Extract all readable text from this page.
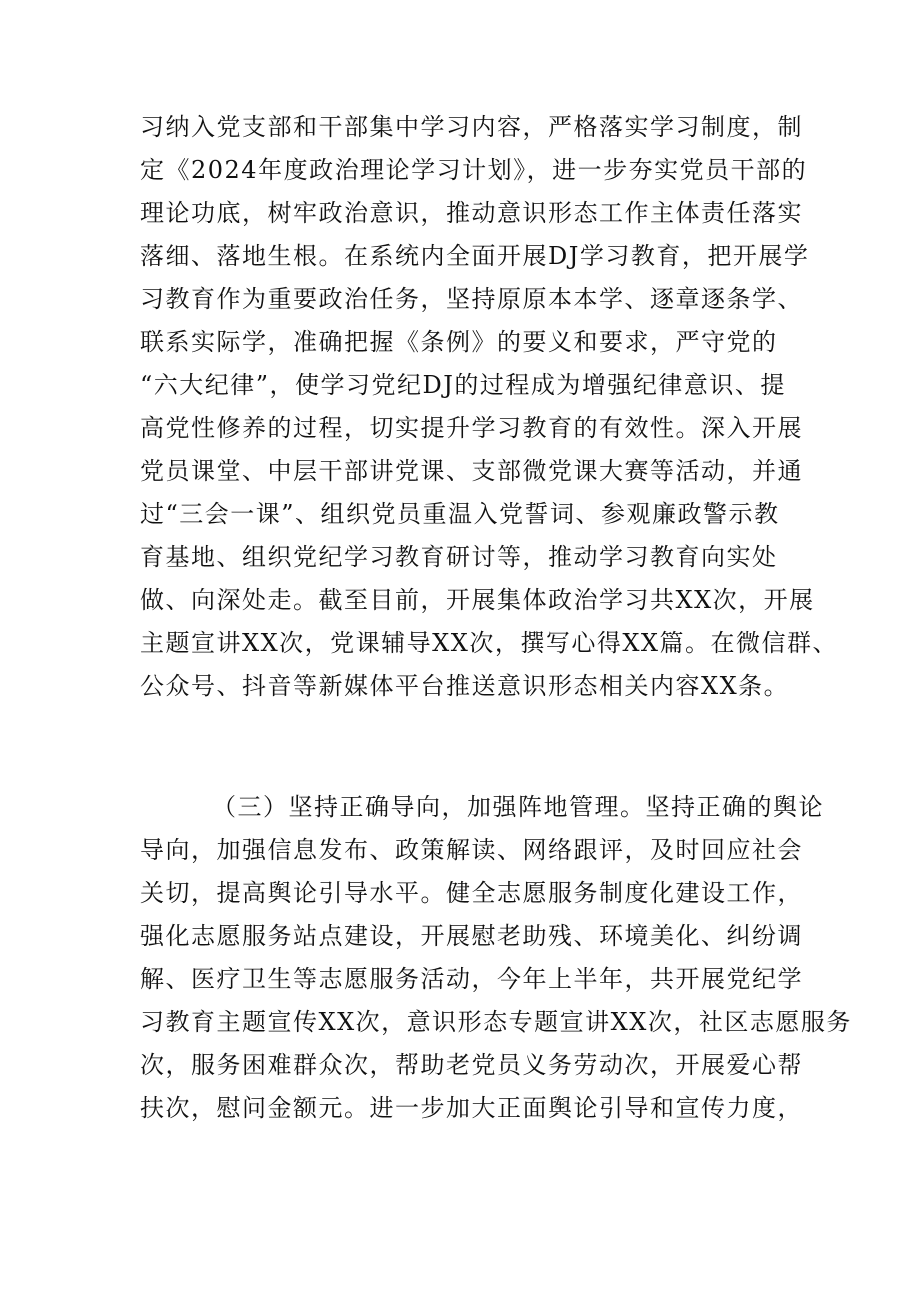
习纳入党支部和干部集中学习内容，严格落实学习制度，制
定《2024年度政治理论学习计划》，进一步夯实党员干部的
理论功底，树牢政治意识，推动意识形态工作主体责任落实
落细、落地生根。在系统内全面开展DJ学习教育，把开展学
习教育作为重要政治任务，坚持原原本本学、逐章逐条学、
联系实际学，准确把握《条例》的要义和要求，严守党的
“六大纪律”，使学习党纪DJ的过程成为增强纪律意识、提
高党性修养的过程，切实提升学习教育的有效性。深入开展
党员课堂、中层干部讲党课、支部微党课大赛等活动，并通
过“三会一课”、组织党员重温入党誓词、参观廉政警示教
育基地、组织党纪学习教育研讨等，推动学习教育向实处
做、向深处走。截至目前，开展集体政治学习共XX次，开展
主题宣讲XX次，党课辅导XX次，撰写心得XX篇。在微信群、
公众号、抖音等新媒体平台推送意识形态相关内容XX条。
（三）坚持正确导向，加强阵地管理。坚持正确的舆论
导向，加强信息发布、政策解读、网络跟评，及时回应社会
关切，提高舆论引导水平。健全志愿服务制度化建设工作，
强化志愿服务站点建设，开展慰老助残、环境美化、纠纷调
解、医疗卫生等志愿服务活动，今年上半年，共开展党纪学
习教育主题宣传XX次，意识形态专题宣讲XX次，社区志愿服务
次，服务困难群众次，帮助老党员义务劳动次，开展爱心帮
扶次，慰问金额元。进一步加大正面舆论引导和宣传力度，
